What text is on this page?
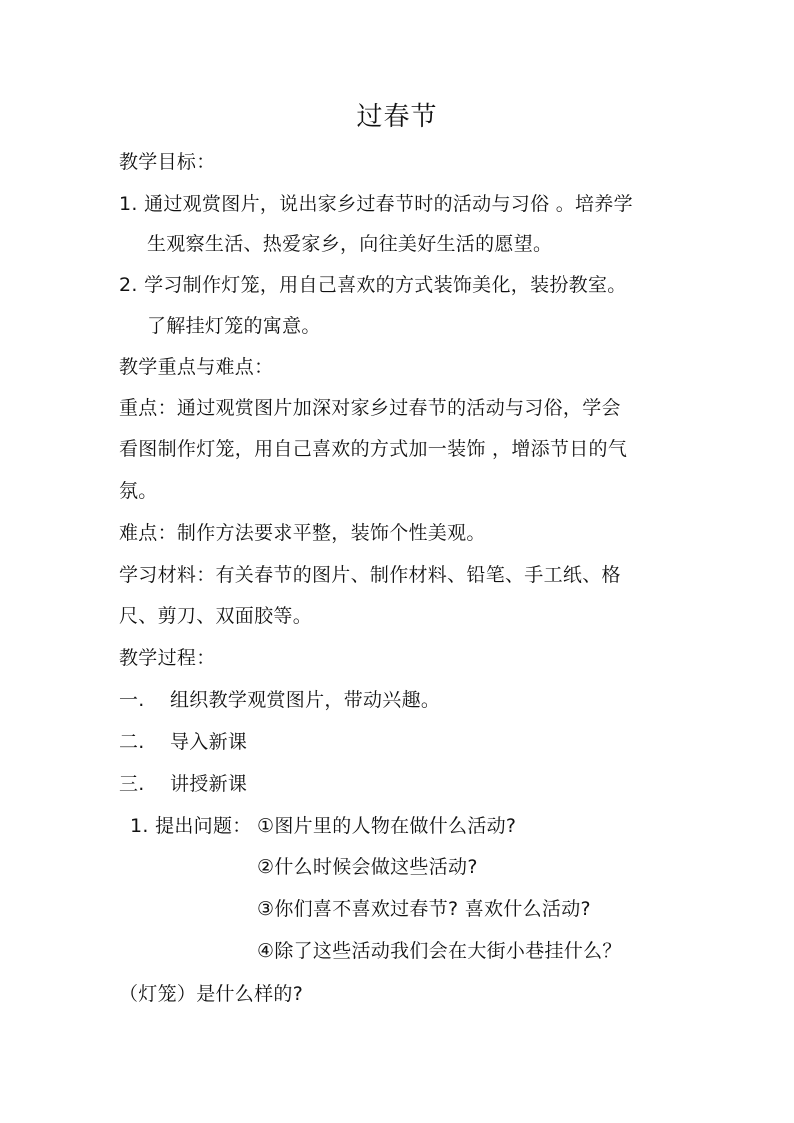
过春节
教学目标：
1. 通过观赏图片，说出家乡过春节时的活动与习俗 。培养学
生观察生活、热爱家乡，向往美好生活的愿望。
2. 学习制作灯笼，用自己喜欢的方式装饰美化，装扮教室。
了解挂灯笼的寓意。
教学重点与难点：
重点：通过观赏图片加深对家乡过春节的活动与习俗，学会
看图制作灯笼，用自己喜欢的方式加一装饰 ，增添节日的气
氛。
难点：制作方法要求平整，装饰个性美观。
学习材料：有关春节的图片、制作材料、铅笔、手工纸、格
尺、剪刀、双面胶等。
教学过程：
一. 组织教学观赏图片，带动兴趣。
二. 导入新课
三. 讲授新课
1. 提出问题： ①图片里的人物在做什么活动?
②什么时候会做这些活动?
③你们喜不喜欢过春节? 喜欢什么活动?
④除了这些活动我们会在大街小巷挂什么？
（灯笼）是什么样的?
